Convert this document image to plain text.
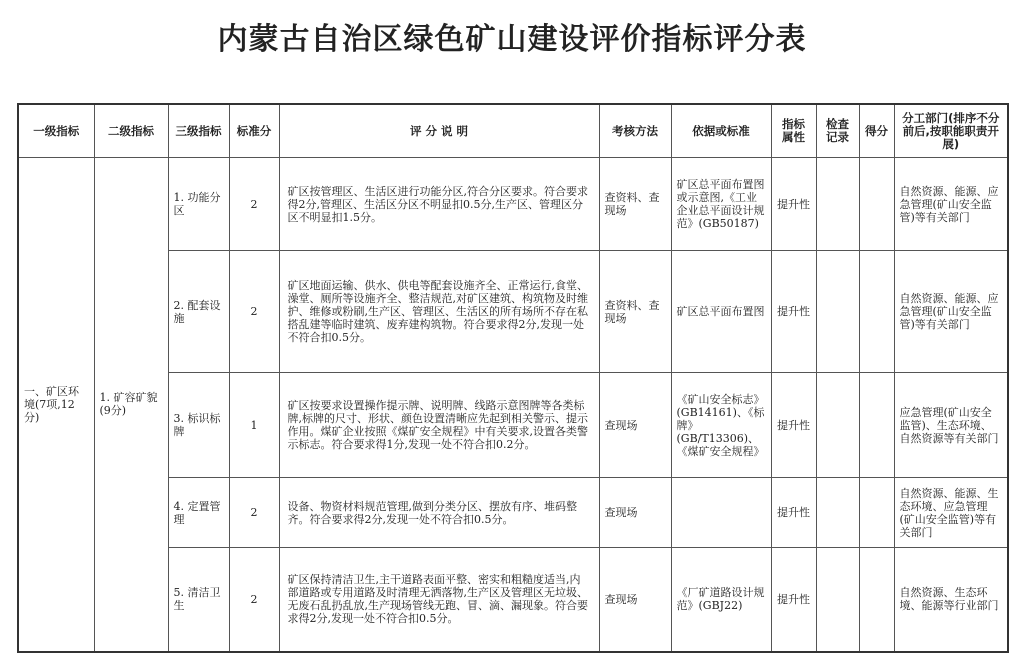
内蒙古自治区绿色矿山建设评价指标评分表
一级指标	二级指标	三级指标	标准分	评 分 说 明	考核方法	依据或标准	指标属性	检查记录	得分	分工部门(排序不分前后,按职能职责开展)
一、矿区环境(7项,12分)	1. 矿容矿貌(9分)	1. 功能分区	2	矿区按管理区、生活区进行功能分区,符合分区要求。符合要求得2分,管理区、生活区分区不明显扣0.5分,生产区、管理区分区不明显扣1.5分。	查资料、查现场	矿区总平面布置图或示意图,《工业企业总平面设计规范》(GB50187)	提升性			自然资源、能源、应急管理(矿山安全监管)等有关部门
		2. 配套设施	2	矿区地面运输、供水、供电等配套设施齐全、正常运行,食堂、澡堂、厕所等设施齐全、整洁规范,对矿区建筑、构筑物及时维护、维修或粉刷,生产区、管理区、生活区的所有场所不存在私搭乱建等临时建筑、废弃建构筑物。符合要求得2分,发现一处不符合扣0.5分。	查资料、查现场	矿区总平面布置图	提升性			自然资源、能源、应急管理(矿山安全监管)等有关部门
		3. 标识标牌	1	矿区按要求设置操作提示牌、说明牌、线路示意图牌等各类标牌,标牌的尺寸、形状、颜色设置清晰应先起到相关警示、提示作用。煤矿企业按照《煤矿安全规程》中有关要求,设置各类警示标志。符合要求得1分,发现一处不符合扣0.2分。	查现场	《矿山安全标志》(GB14161)、《标牌》(GB/T13306)、《煤矿安全规程》	提升性			应急管理(矿山安全监管)、生态环境、自然资源等有关部门
		4. 定置管理	2	设备、物资材料规范管理,做到分类分区、摆放有序、堆码整齐。符合要求得2分,发现一处不符合扣0.5分。	查现场		提升性			自然资源、能源、生态环境、应急管理(矿山安全监管)等有关部门
		5. 清洁卫生	2	矿区保持清洁卫生,主干道路表面平整、密实和粗糙度适当,内部道路或专用道路及时清理无洒落物,生产区及管理区无垃圾、无废石乱扔乱放,生产现场管线无跑、冒、滴、漏现象。符合要求得2分,发现一处不符合扣0.5分。	查现场	《厂矿道路设计规范》(GBJ22)	提升性			自然资源、生态环境、能源等行业部门
